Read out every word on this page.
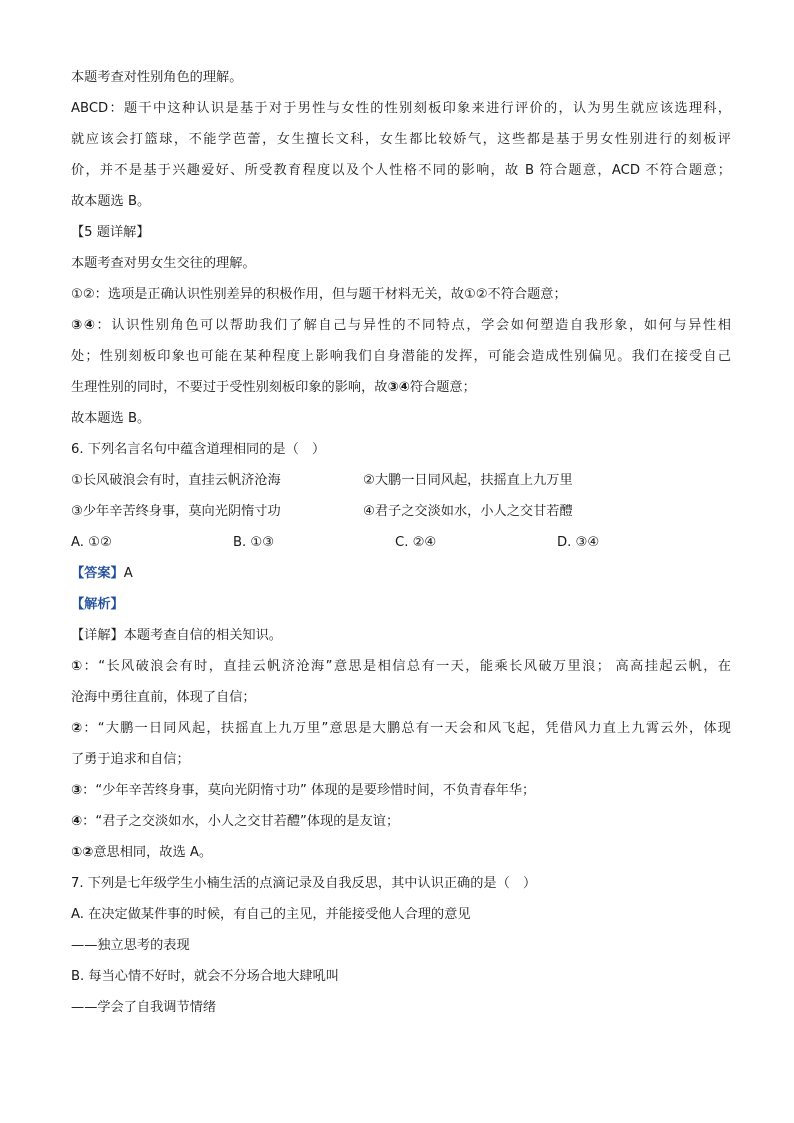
本题考查对性别角色的理解。
ABCD：题干中这种认识是基于对于男性与女性的性别刻板印象来进行评价的，认为男生就应该选理科，
就应该会打篮球，不能学芭蕾，女生擅长文科，女生都比较娇气，这些都是基于男女性别进行的刻板评
价，并不是基于兴趣爱好、所受教育程度以及个人性格不同的影响，故 B 符合题意，ACD 不符合题意；
故本题选 B。
【5 题详解】
本题考查对男女生交往的理解。
①②：选项是正确认识性别差异的积极作用，但与题干材料无关，故①②不符合题意；
③④：认识性别角色可以帮助我们了解自己与异性的不同特点，学会如何塑造自我形象，如何与异性相
处；性别刻板印象也可能在某种程度上影响我们自身潜能的发挥，可能会造成性别偏见。我们在接受自己
生理性别的同时，不要过于受性别刻板印象的影响，故③④符合题意；
故本题选 B。
6. 下列名言名句中蕴含道理相同的是（　）
①长风破浪会有时，直挂云帆济沧海	②大鹏一日同风起，扶摇直上九万里
③少年辛苦终身事，莫向光阴惰寸功	④君子之交淡如水，小人之交甘若醴
A. ①②	B. ①③	C. ②④	D. ③④
【答案】A
【解析】
【详解】本题考查自信的相关知识。
①：“长风破浪会有时，直挂云帆济沧海”意思是相信总有一天，能乘长风破万里浪； 高高挂起云帆，在
沧海中勇往直前，体现了自信；
②：“大鹏一日同风起，扶摇直上九万里”意思是大鹏总有一天会和风飞起，凭借风力直上九霄云外，体现
了勇于追求和自信；
③：“少年辛苦终身事，莫向光阴惰寸功” 体现的是要珍惜时间，不负青春年华；
④：“君子之交淡如水，小人之交甘若醴”体现的是友谊；
①②意思相同，故选 A。
7. 下列是七年级学生小楠生活的点滴记录及自我反思，其中认识正确的是（　）
A. 在决定做某件事的时候，有自己的主见，并能接受他人合理的意见
——独立思考的表现
B. 每当心情不好时，就会不分场合地大肆吼叫
——学会了自我调节情绪
